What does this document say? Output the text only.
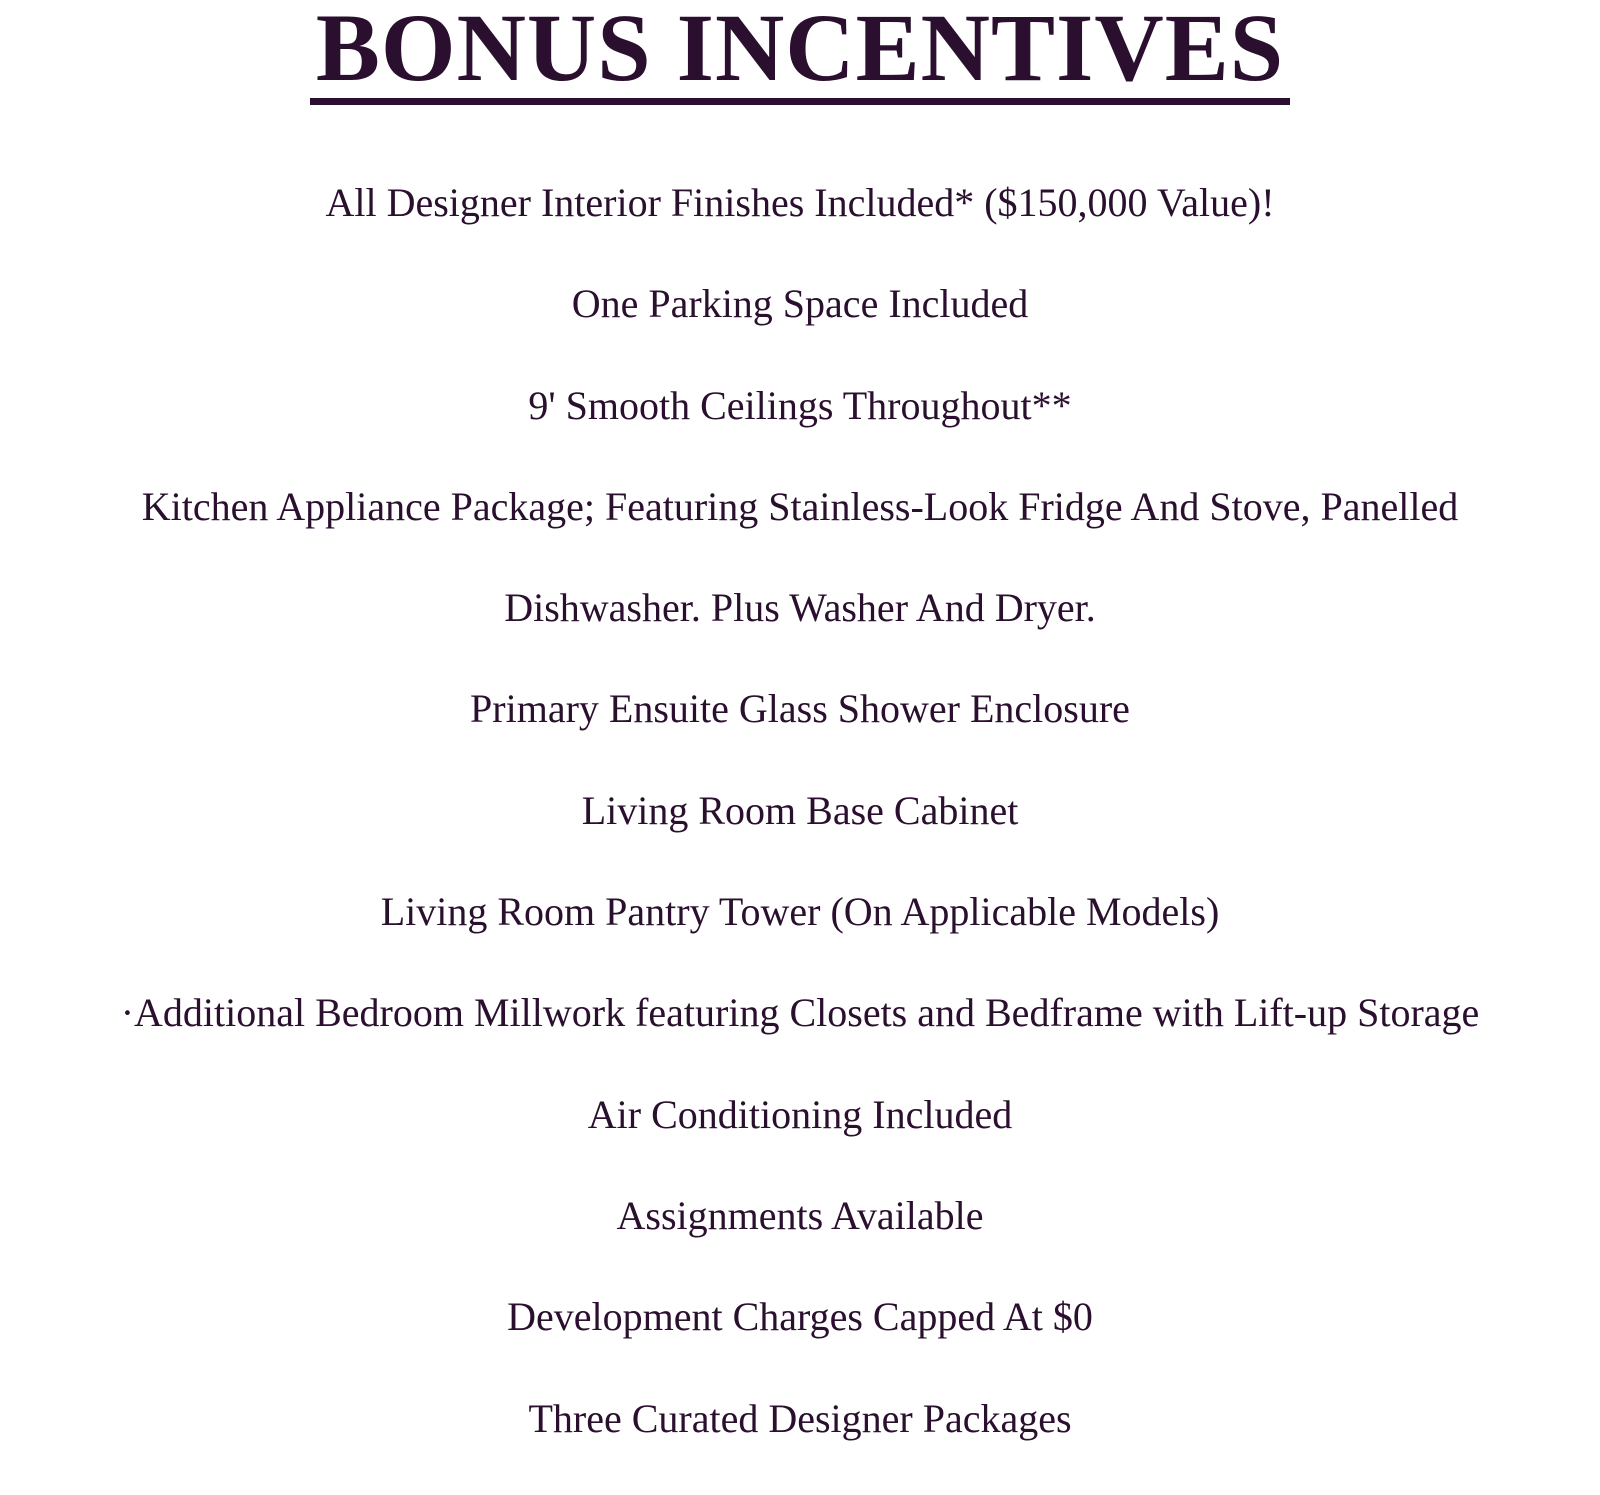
BONUS INCENTIVES
All Designer Interior Finishes Included* ($150,000 Value)!
One Parking Space Included
9' Smooth Ceilings Throughout**
Kitchen Appliance Package; Featuring Stainless-Look Fridge And Stove, Panelled
Dishwasher. Plus Washer And Dryer.
Primary Ensuite Glass Shower Enclosure
Living Room Base Cabinet
Living Room Pantry Tower (On Applicable Models)
·Additional Bedroom Millwork featuring Closets and Bedframe with Lift-up Storage
Air Conditioning Included
Assignments Available
Development Charges Capped At $0
Three Curated Designer Packages
